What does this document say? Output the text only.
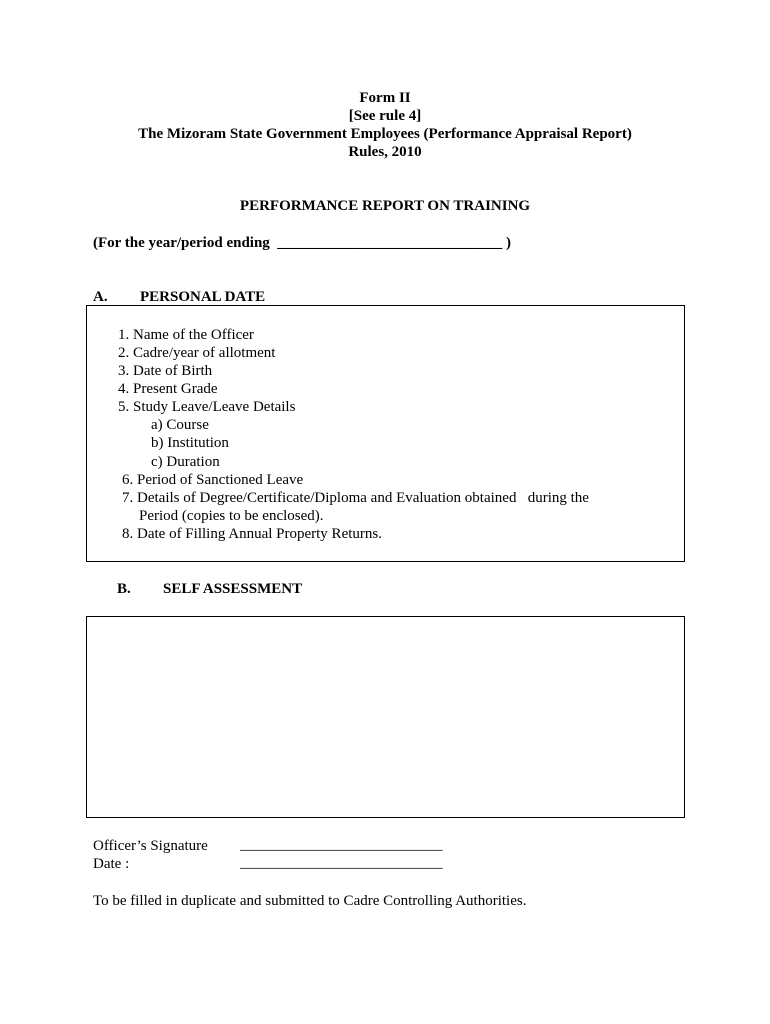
Form II
[See rule 4]
The Mizoram State Government Employees (Performance Appraisal Report)
Rules, 2010
PERFORMANCE REPORT ON TRAINING
(For the year/period ending ______________________________ )
A. PERSONAL DATE
1. Name of the Officer
2. Cadre/year of allotment
3. Date of Birth
4. Present Grade
5. Study Leave/Leave Details
a) Course
b) Institution
c) Duration
6. Period of Sanctioned Leave
7. Details of Degree/Certificate/Diploma and Evaluation obtained   during the
Period (copies to be enclosed).
8. Date of Filling Annual Property Returns.
B. SELF ASSESSMENT
Officer’s Signature ___________________________
Date :	___________________________
To be filled in duplicate and submitted to Cadre Controlling Authorities.
